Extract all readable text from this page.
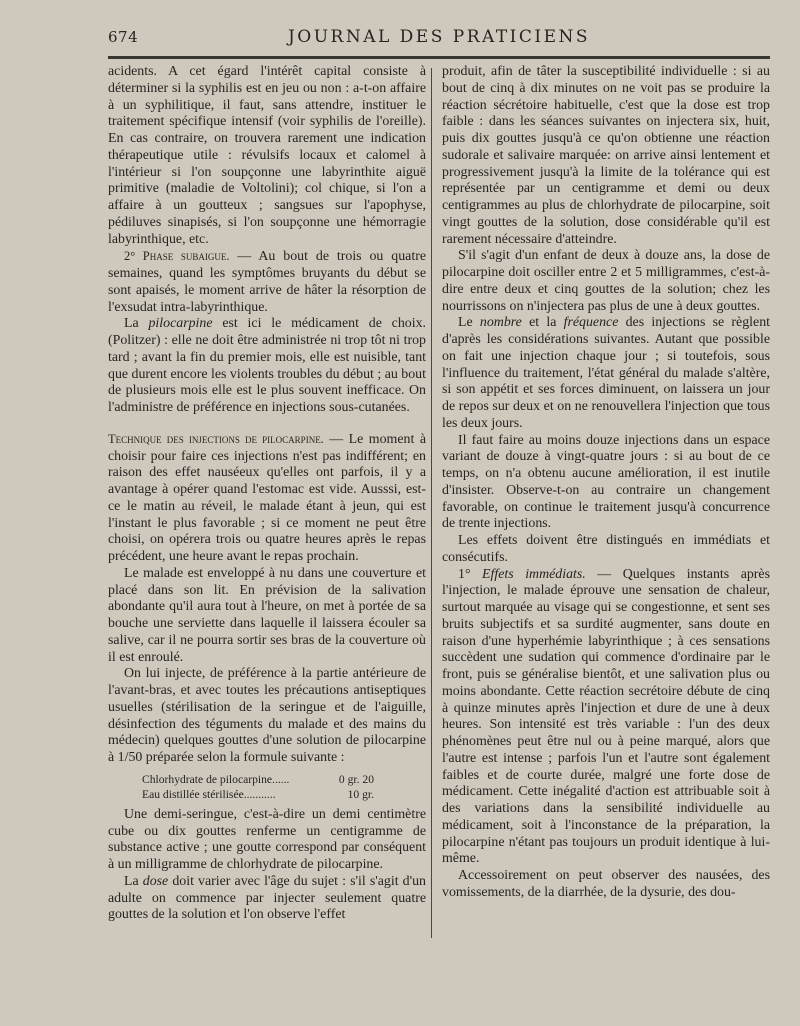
674	JOURNAL DES PRATICIENS

acidents. A cet égard l'intérêt capital consiste à déterminer si la syphilis est en jeu ou non : a-t-on affaire à un syphilitique, il faut, sans attendre, instituer le traitement spécifique intensif (voir syphilis de l'oreille). En cas contraire, on trouvera rarement une indication thérapeutique utile : révulsifs locaux et calomel à l'intérieur si l'on soupçonne une labyrinthite aiguë primitive (maladie de Voltolini); col chique, si l'on a affaire à un goutteux ; sangsues sur l'apophyse, pédiluves sinapisés, si l'on soupçonne une hémorragie labyrinthique, etc.

2° Phase subaigue. — Au bout de trois ou quatre semaines, quand les symptômes bruyants du début se sont apaisés, le moment arrive de hâter la résorption de l'exsudat intra-labyrinthique.

La pilocarpine est ici le médicament de choix. (Politzer) : elle ne doit être administrée ni trop tôt ni trop tard ; avant la fin du premier mois, elle est nuisible, tant que durent encore les violents troubles du début ; au bout de plusieurs mois elle est le plus souvent inefficace. On l'administre de préférence en injections sous-cutanées.

Technique des injections de pilocarpine. — Le moment à choisir pour faire ces injections n'est pas indifférent; en raison des effet nauséeux qu'elles ont parfois, il y a avantage à opérer quand l'estomac est vide. Ausssi, est-ce le matin au réveil, le malade étant à jeun, qui est l'instant le plus favorable ; si ce moment ne peut être choisi, on opérera trois ou quatre heures après le repas précédent, une heure avant le repas prochain.

Le malade est enveloppé à nu dans une couverture et placé dans son lit. En prévision de la salivation abondante qu'il aura tout à l'heure, on met à portée de sa bouche une serviette dans laquelle il laissera écouler sa salive, car il ne pourra sortir ses bras de la couverture où il est enroulé.

On lui injecte, de préférence à la partie antérieure de l'avant-bras, et avec toutes les précautions antiseptiques usuelles (stérilisation de la seringue et de l'aiguille, désinfection des téguments du malade et des mains du médecin) quelques gouttes d'une solution de pilocarpine à 1/50 préparée selon la formule suivante :

Chlorhydrate de pilocarpine......	0 gr. 20
Eau distillée stérilisée...........	10 gr.

Une demi-seringue, c'est-à-dire un demi centimètre cube ou dix gouttes renferme un centigramme de substance active ; une goutte correspond par conséquent à un milligramme de chlorhydrate de pilocarpine.

La dose doit varier avec l'âge du sujet : s'il s'agit d'un adulte on commence par injecter seulement quatre gouttes de la solution et l'on observe l'effet

produit, afin de tâter la susceptibilité individuelle : si au bout de cinq à dix minutes on ne voit pas se produire la réaction sécrétoire habituelle, c'est que la dose est trop faible : dans les séances suivantes on injectera six, huit, puis dix gouttes jusqu'à ce qu'on obtienne une réaction sudorale et salivaire marquée: on arrive ainsi lentement et progressivement jusqu'à la limite de la tolérance qui est représentée par un centigramme et demi ou deux centigrammes au plus de chlorhydrate de pilocarpine, soit vingt gouttes de la solution, dose considérable qu'il est rarement nécessaire d'atteindre.

S'il s'agit d'un enfant de deux à douze ans, la dose de pilocarpine doit osciller entre 2 et 5 milligrammes, c'est-à-dire entre deux et cinq gouttes de la solution; chez les nourrissons on n'injectera pas plus de une à deux gouttes.

Le nombre et la fréquence des injections se règlent d'après les considérations suivantes. Autant que possible on fait une injection chaque jour ; si toutefois, sous l'influence du traitement, l'état général du malade s'altère, si son appétit et ses forces diminuent, on laissera un jour de repos sur deux et on ne renouvellera l'injection que tous les deux jours.

Il faut faire au moins douze injections dans un espace variant de douze à vingt-quatre jours : si au bout de ce temps, on n'a obtenu aucune amélioration, il est inutile d'insister. Observe-t-on au contraire un changement favorable, on continue le traitement jusqu'à concurrence de trente injections.

Les effets doivent être distingués en immédiats et consécutifs.

1° Effets immédiats. — Quelques instants après l'injection, le malade éprouve une sensation de chaleur, surtout marquée au visage qui se congestionne, et sent ses bruits subjectifs et sa surdité augmenter, sans doute en raison d'une hyperhémie labyrinthique ; à ces sensations succèdent une sudation qui commence d'ordinaire par le front, puis se généralise bientôt, et une salivation plus ou moins abondante. Cette réaction secrétoire débute de cinq à quinze minutes après l'injection et dure de une à deux heures. Son intensité est très variable : l'un des deux phénomènes peut être nul ou à peine marqué, alors que l'autre est intense ; parfois l'un et l'autre sont également faibles et de courte durée, malgré une forte dose de médicament. Cette inégalité d'action est attribuable soit à des variations dans la sensibilité individuelle au médicament, soit à l'inconstance de la préparation, la pilocarpine n'étant pas toujours un produit identique à lui-même.

Accessoirement on peut observer des nausées, des vomissements, de la diarrhée, de la dysurie, des dou-
